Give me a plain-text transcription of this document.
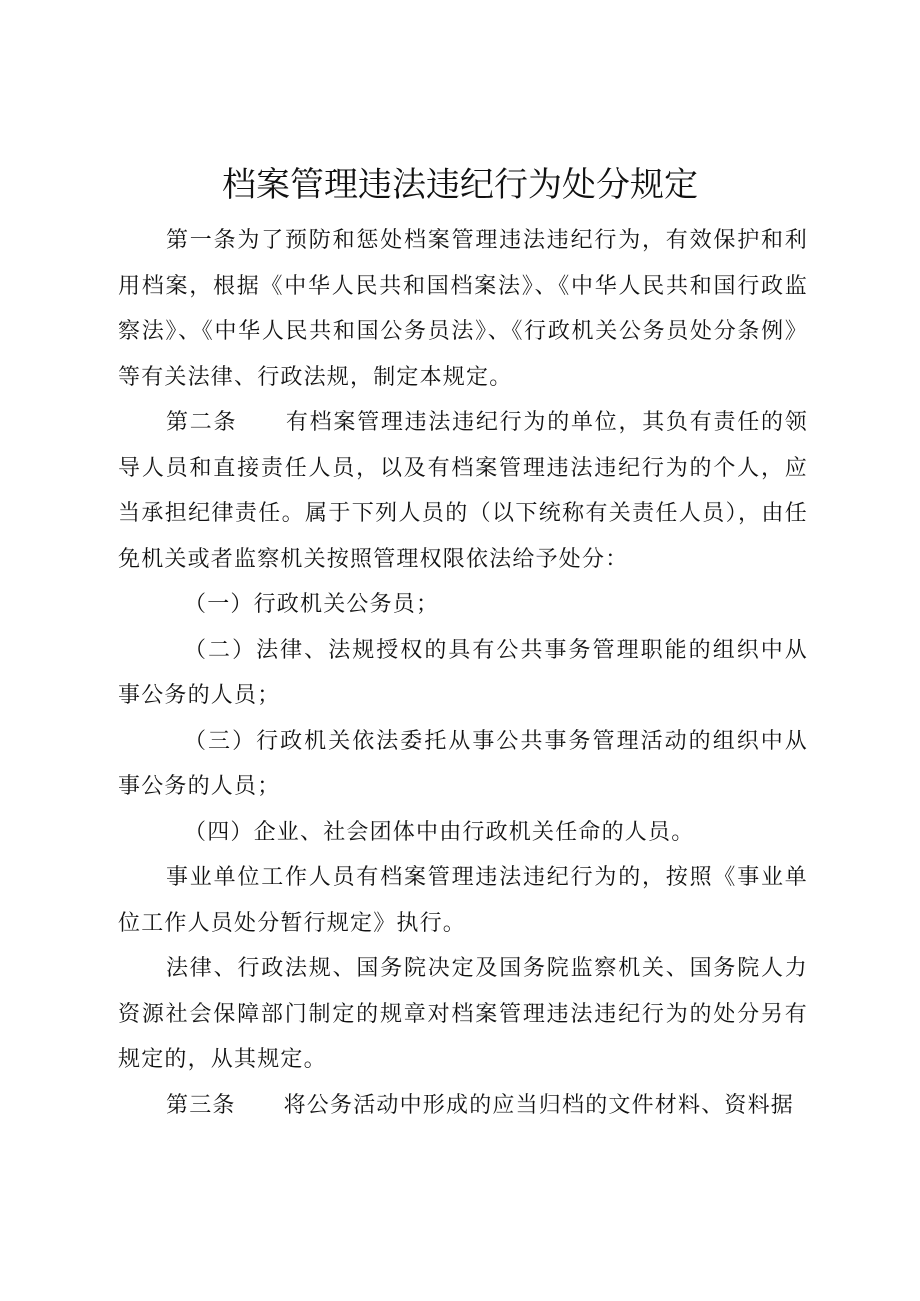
档案管理违法违纪行为处分规定

第一条为了预防和惩处档案管理违法违纪行为，有效保护和利用档案，根据《中华人民共和国档案法》、《中华人民共和国行政监察法》、《中华人民共和国公务员法》、《行政机关公务员处分条例》等有关法律、行政法规，制定本规定。

第二条 有档案管理违法违纪行为的单位，其负有责任的领导人员和直接责任人员，以及有档案管理违法违纪行为的个人，应当承担纪律责任。属于下列人员的（以下统称有关责任人员），由任免机关或者监察机关按照管理权限依法给予处分：

（一）行政机关公务员；

（二）法律、法规授权的具有公共事务管理职能的组织中从事公务的人员；

（三）行政机关依法委托从事公共事务管理活动的组织中从事公务的人员；

（四）企业、社会团体中由行政机关任命的人员。

事业单位工作人员有档案管理违法违纪行为的，按照《事业单位工作人员处分暂行规定》执行。

法律、行政法规、国务院决定及国务院监察机关、国务院人力资源社会保障部门制定的规章对档案管理违法违纪行为的处分另有规定的，从其规定。

第三条 将公务活动中形成的应当归档的文件材料、资料据
